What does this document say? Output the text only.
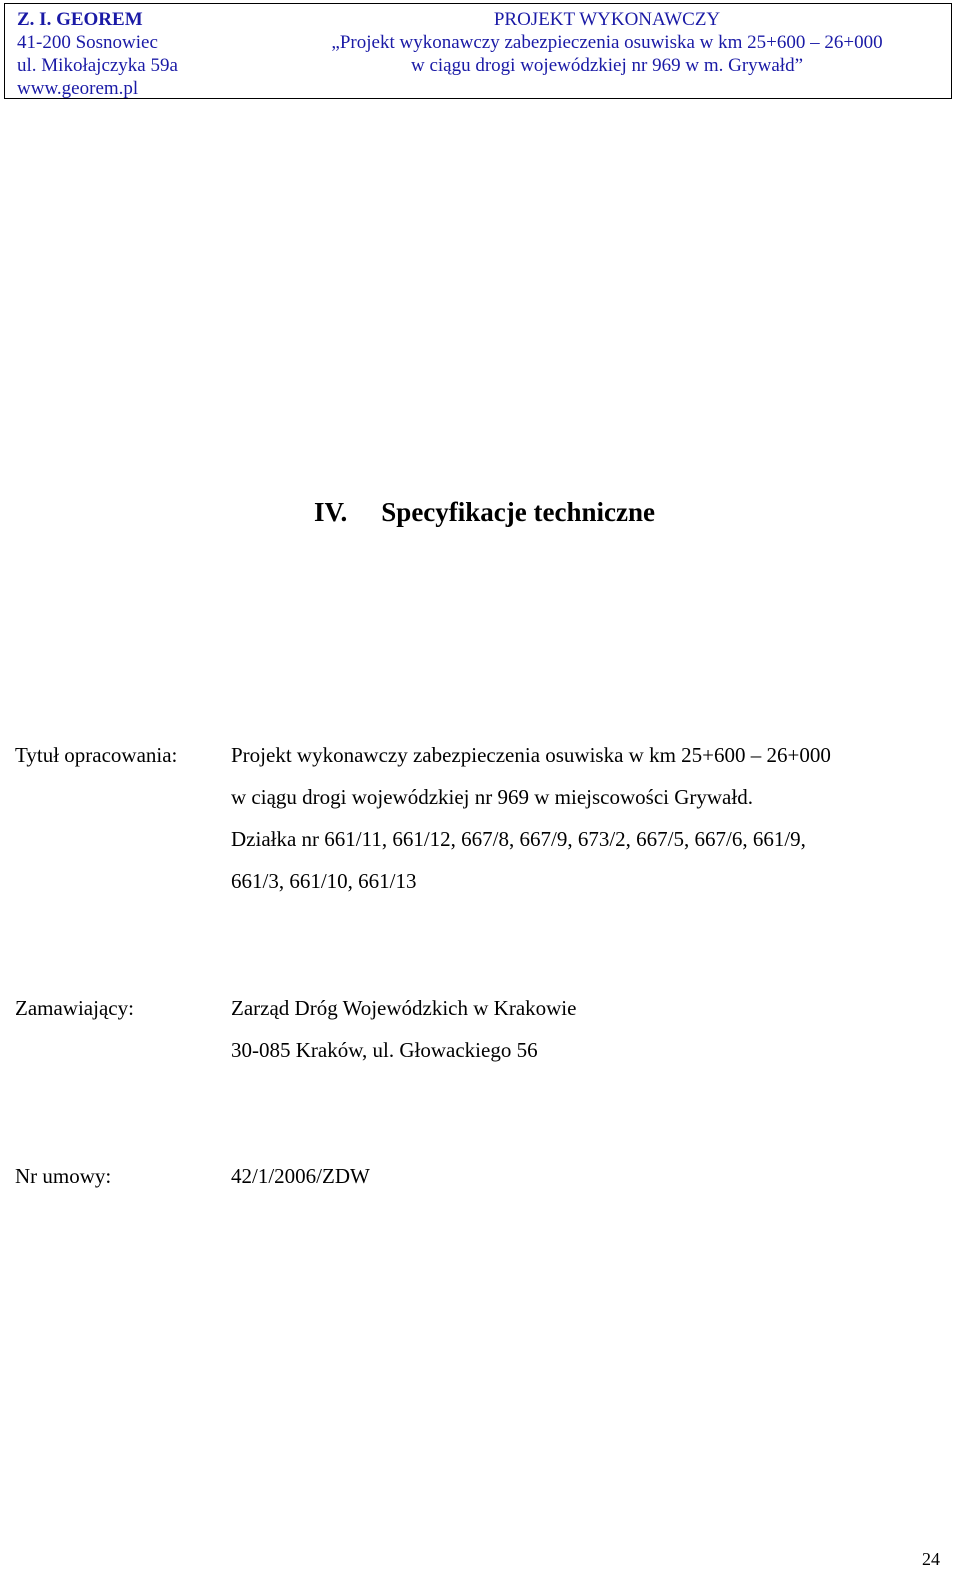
Z. I. GEOREM
41-200 Sosnowiec
ul. Mikołajczyka 59a
www.georem.pl
PROJEKT WYKONAWCZY
„Projekt wykonawczy zabezpieczenia osuwiska w km 25+600 – 26+000
w ciągu drogi wojewódzkiej nr 969 w m. Grywałd”
IV. Specyfikacje techniczne
Tytuł opracowania:	Projekt wykonawczy zabezpieczenia osuwiska w km 25+600 – 26+000
w ciągu drogi wojewódzkiej nr 969 w miejscowości Grywałd.
Działka nr 661/11, 661/12, 667/8, 667/9, 673/2, 667/5, 667/6, 661/9,
661/3, 661/10, 661/13
Zamawiający:	Zarząd Dróg Wojewódzkich w Krakowie
30-085 Kraków, ul. Głowackiego 56
Nr umowy:	42/1/2006/ZDW
24
